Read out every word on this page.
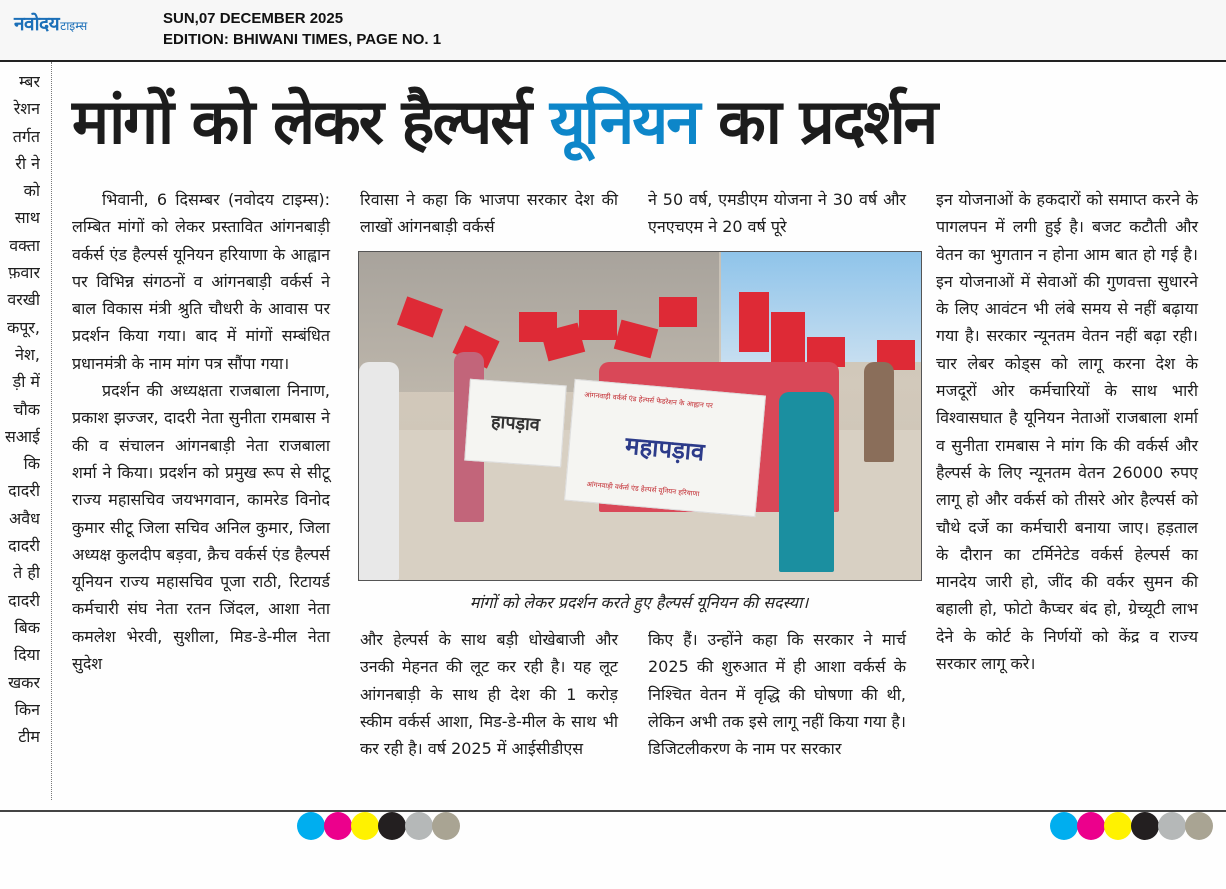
नवोदय टाइम्स	SUN,07 DECEMBER 2025
EDITION: BHIWANI TIMES, PAGE NO. 1
म्बर
रेशन
तर्गत
री ने
को
साथ
वक्ता
फ़वार
वरखी
कपूर,
नेश,
ड़ी में
चौक
सआई
कि
दादरी
अवैध
दादरी
ते ही
दादरी
बिक
दिया
खकर
किन
टीम
मांगों को लेकर हैल्पर्स यूनियन का प्रदर्शन

भिवानी, 6 दिसम्बर (नवोदय टाइम्स): लम्बित मांगों को लेकर प्रस्तावित आंगनबाड़ी वर्कर्स एंड हैल्पर्स यूनियन हरियाणा के आह्वान पर विभिन्न संगठनों व आंगनबाड़ी वर्कर्स ने बाल विकास मंत्री श्रुति चौधरी के आवास पर प्रदर्शन किया गया। बाद में मांगों सम्बंधित प्रधानमंत्री के नाम मांग पत्र सौंपा गया।

प्रदर्शन की अध्यक्षता राजबाला निनाण, प्रकाश झज्जर, दादरी नेता सुनीता रामबास ने की व संचालन आंगनबाड़ी नेता राजबाला शर्मा ने किया। प्रदर्शन को प्रमुख रूप से सीटू राज्य महासचिव जयभगवान, कामरेड विनोद कुमार सीटू जिला सचिव अनिल कुमार, जिला अध्यक्ष कुलदीप बड़वा, क्रैच वर्कर्स एंड हैल्पर्स यूनियन राज्य महासचिव पूजा राठी, रिटायर्ड कर्मचारी संघ नेता रतन जिंदल, आशा नेता कमलेश भेरवी, सुशीला, मिड-डे-मील नेता सुदेश

रिवासा ने कहा कि भाजपा सरकार देश की लाखों आंगनबाड़ी वर्कर्स

ने 50 वर्ष, एमडीएम योजना ने 30 वर्ष और एनएचएम ने 20 वर्ष पूरे

हापड़ाव
आंगनवाड़ी वर्कर्स एंड हेल्पर्स फेडरेशन के आह्वान पर
महापड़ाव
आंगनवाड़ी वर्कर्स एंड हेल्पर्स यूनियन हरियाणा
मांगों को लेकर प्रदर्शन करते हुए हैल्पर्स यूनियन की सदस्या।

और हेल्पर्स के साथ बड़ी धोखेबाजी और उनकी मेहनत की लूट कर रही है। यह लूट आंगनबाड़ी के साथ ही देश की 1 करोड़ स्कीम वर्कर्स आशा, मिड-डे-मील के साथ भी कर रही है। वर्ष 2025 में आईसीडीएस

किए हैं। उन्होंने कहा कि सरकार ने मार्च 2025 की शुरुआत में ही आशा वर्कर्स के निश्चित वेतन में वृद्धि की घोषणा की थी, लेकिन अभी तक इसे लागू नहीं किया गया है। डिजिटलीकरण के नाम पर सरकार

इन योजनाओं के हकदारों को समाप्त करने के पागलपन में लगी हुई है। बजट कटौती और वेतन का भुगतान न होना आम बात हो गई है। इन योजनाओं में सेवाओं की गुणवत्ता सुधारने के लिए आवंटन भी लंबे समय से नहीं बढ़ाया गया है। सरकार न्यूनतम वेतन नहीं बढ़ा रही। चार लेबर कोड्स को लागू करना देश के मजदूरों ओर कर्मचारियों के साथ भारी विश्वासघात है यूनियन नेताओं राजबाला शर्मा व सुनीता रामबास ने मांग कि की वर्कर्स और हैल्पर्स के लिए न्यूनतम वेतन 26000 रुपए लागू हो और वर्कर्स को तीसरे ओर हैल्पर्स को चौथे दर्जे का कर्मचारी बनाया जाए। हड़ताल के दौरान का टर्मिनेटेड वर्कर्स हेल्पर्स का मानदेय जारी हो, जींद की वर्कर सुमन की बहाली हो, फोटो कैप्चर बंद हो, ग्रेच्यूटी लाभ देने के कोर्ट के निर्णयों को केंद्र व राज्य सरकार लागू करे।
